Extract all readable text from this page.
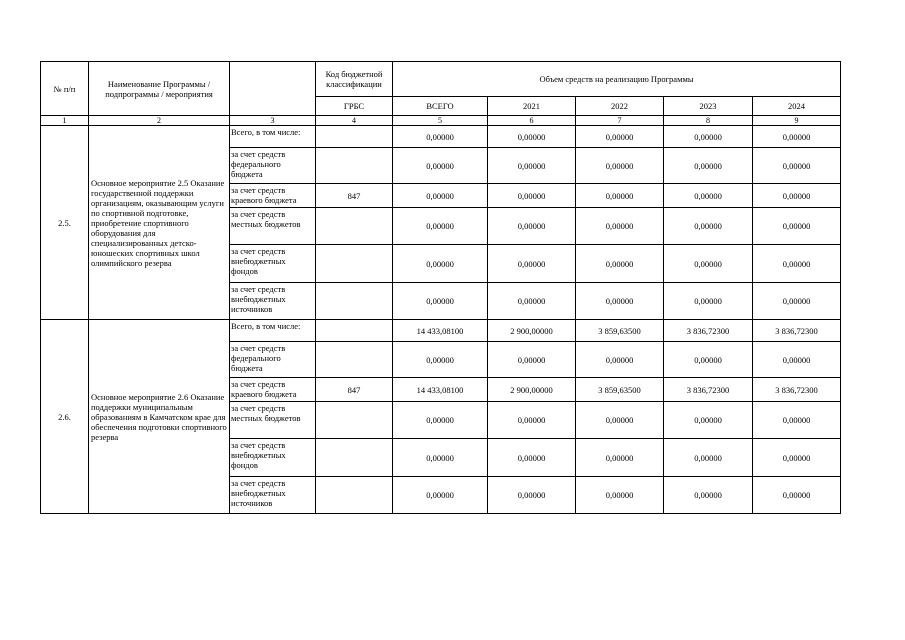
№ п/п	Наименование Программы / подпрограммы / мероприятия		Код бюджетной классификации	Объем средств на реализацию Программы				
			ГРБС	ВСЕГО	2021	2022	2023	2024
1	2	3	4	5	6	7	8	9
2.5.	Основное мероприятие 2.5 Оказание государственной поддержки организациям, оказывающим услуги по спортивной подготовке, приобретение спортивного оборудования для специализированных детско-юношеских спортивных школ олимпийского резерва	Всего, в том числе:		0,00000	0,00000	0,00000	0,00000	0,00000
		за счет средств федерального бюджета		0,00000	0,00000	0,00000	0,00000	0,00000
		за счет средств краевого бюджета	847	0,00000	0,00000	0,00000	0,00000	0,00000
		за счет средств местных бюджетов		0,00000	0,00000	0,00000	0,00000	0,00000
		за счет средств внебюджетных фондов		0,00000	0,00000	0,00000	0,00000	0,00000
		за счет средств внебюджетных источников		0,00000	0,00000	0,00000	0,00000	0,00000
2.6.	Основное мероприятие 2.6 Оказание поддержки муниципальным образованиям в Камчатском крае для обеспечения подготовки спортивного резерва	Всего, в том числе:		14 433,08100	2 900,00000	3 859,63500	3 836,72300	3 836,72300
		за счет средств федерального бюджета		0,00000	0,00000	0,00000	0,00000	0,00000
		за счет средств краевого бюджета	847	14 433,08100	2 900,00000	3 859,63500	3 836,72300	3 836,72300
		за счет средств местных бюджетов		0,00000	0,00000	0,00000	0,00000	0,00000
		за счет средств внебюджетных фондов		0,00000	0,00000	0,00000	0,00000	0,00000
		за счет средств внебюджетных источников		0,00000	0,00000	0,00000	0,00000	0,00000
